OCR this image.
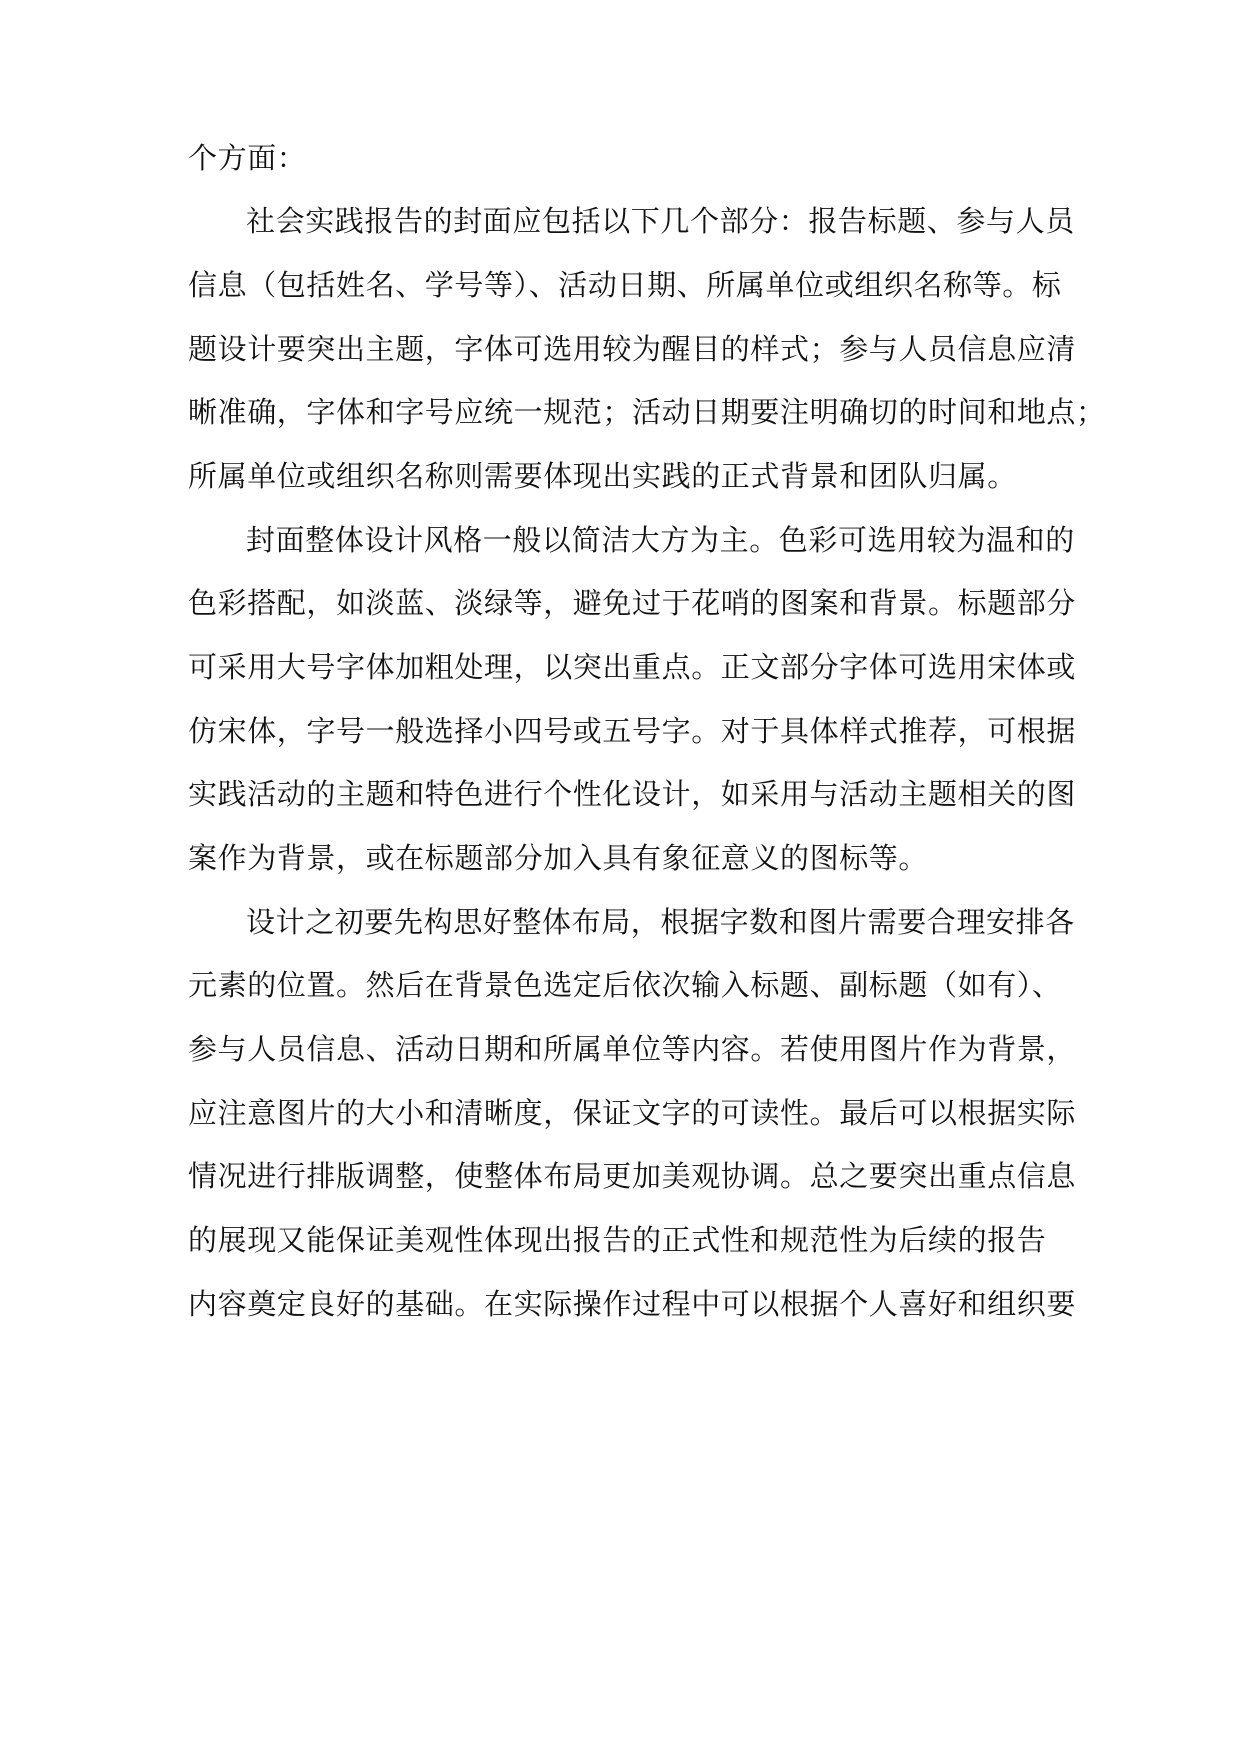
个方面：
社会实践报告的封面应包括以下几个部分：报告标题、参与人员
信息（包括姓名、学号等）、活动日期、所属单位或组织名称等。标
题设计要突出主题，字体可选用较为醒目的样式；参与人员信息应清
晰准确，字体和字号应统一规范；活动日期要注明确切的时间和地点；
所属单位或组织名称则需要体现出实践的正式背景和团队归属。
封面整体设计风格一般以简洁大方为主。色彩可选用较为温和的
色彩搭配，如淡蓝、淡绿等，避免过于花哨的图案和背景。标题部分
可采用大号字体加粗处理，以突出重点。正文部分字体可选用宋体或
仿宋体，字号一般选择小四号或五号字。对于具体样式推荐，可根据
实践活动的主题和特色进行个性化设计，如采用与活动主题相关的图
案作为背景，或在标题部分加入具有象征意义的图标等。
设计之初要先构思好整体布局，根据字数和图片需要合理安排各
元素的位置。然后在背景色选定后依次输入标题、副标题（如有）、
参与人员信息、活动日期和所属单位等内容。若使用图片作为背景，
应注意图片的大小和清晰度，保证文字的可读性。最后可以根据实际
情况进行排版调整，使整体布局更加美观协调。总之要突出重点信息
的展现又能保证美观性体现出报告的正式性和规范性为后续的报告
内容奠定良好的基础。在实际操作过程中可以根据个人喜好和组织要
